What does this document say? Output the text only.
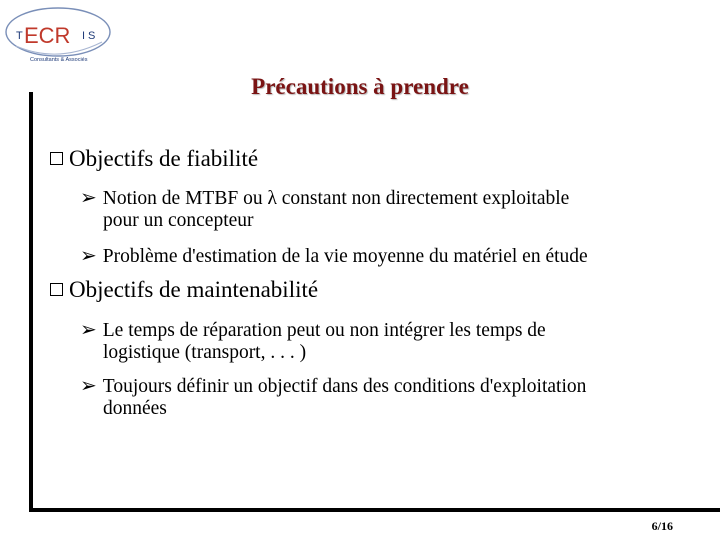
T ECR IS
Consultants & Associés
Précautions à prendre
Objectifs de fiabilité
➢ Notion de MTBF ou λ constant non directement exploitable
pour un concepteur
➢ Problème d'estimation de la vie moyenne du matériel en étude
Objectifs de maintenabilité
➢ Le temps de réparation peut ou non intégrer les temps de
logistique (transport, . . . )
➢ Toujours définir un objectif dans des conditions d'exploitation
données
6/16
